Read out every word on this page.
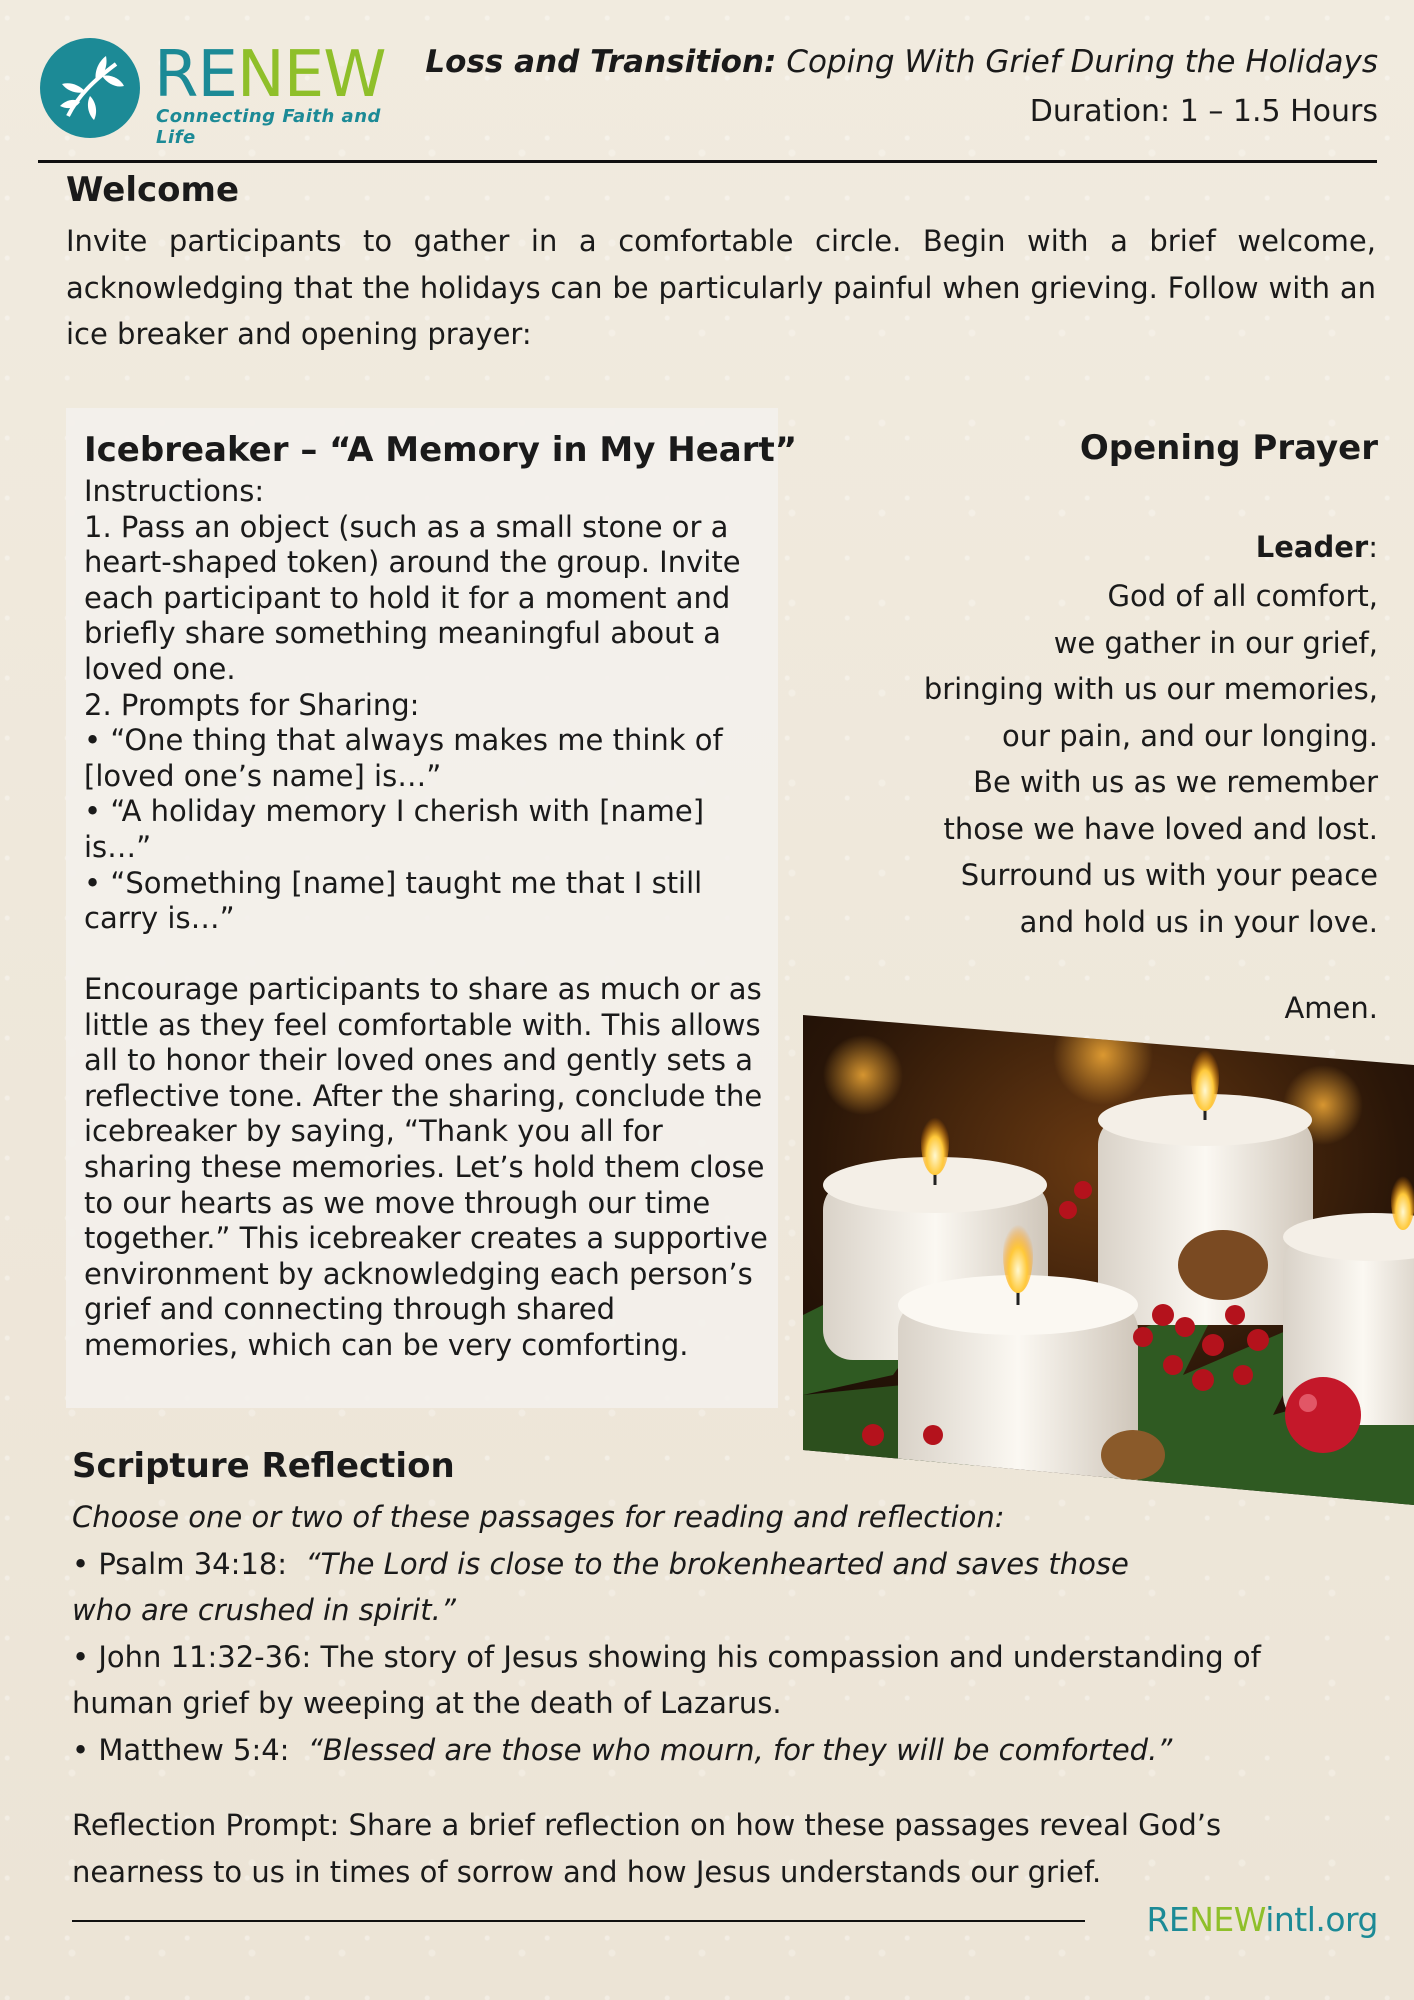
RENEW
Connecting Faith and Life
Loss and Transition: Coping With Grief During the Holidays
Duration: 1 – 1.5 Hours
Welcome
Invite participants to gather in a comfortable circle. Begin with a brief welcome, acknowledging that the holidays can be particularly painful when grieving. Follow with an ice breaker and opening prayer:
Icebreaker – “A Memory in My Heart”

Instructions:

1. Pass an object (such as a small stone or a heart-shaped token) around the group. Invite each participant to hold it for a moment and briefly share something meaningful about a loved one.

2. Prompts for Sharing:

• “One thing that always makes me think of [loved one’s name] is…”

• “A holiday memory I cherish with [name] is…”

• “Something [name] taught me that I still carry is…”

Encourage participants to share as much or as little as they feel comfortable with. This allows all to honor their loved ones and gently sets a reflective tone. After the sharing, conclude the icebreaker by saying, “Thank you all for sharing these memories. Let’s hold them close to our hearts as we move through our time together.” This icebreaker creates a supportive environment by acknowledging each person’s grief and connecting through shared memories, which can be very comforting.
Opening Prayer
Leader:
God of all comfort,
we gather in our grief,
bringing with us our memories,
our pain, and our longing.
Be with us as we remember
those we have loved and lost.
Surround us with your peace
and hold us in your love.
Amen.
Scripture Reflection
Choose one or two of these passages for reading and reflection:
• Psalm 34:18: “The Lord is close to the brokenhearted and saves those
who are crushed in spirit.”
• John 11:32-36: The story of Jesus showing his compassion and understanding of
human grief by weeping at the death of Lazarus.
• Matthew 5:4: “Blessed are those who mourn, for they will be comforted.”
Reflection Prompt: Share a brief reflection on how these passages reveal God’s nearness to us in times of sorrow and how Jesus understands our grief.
RENEWintl.org
